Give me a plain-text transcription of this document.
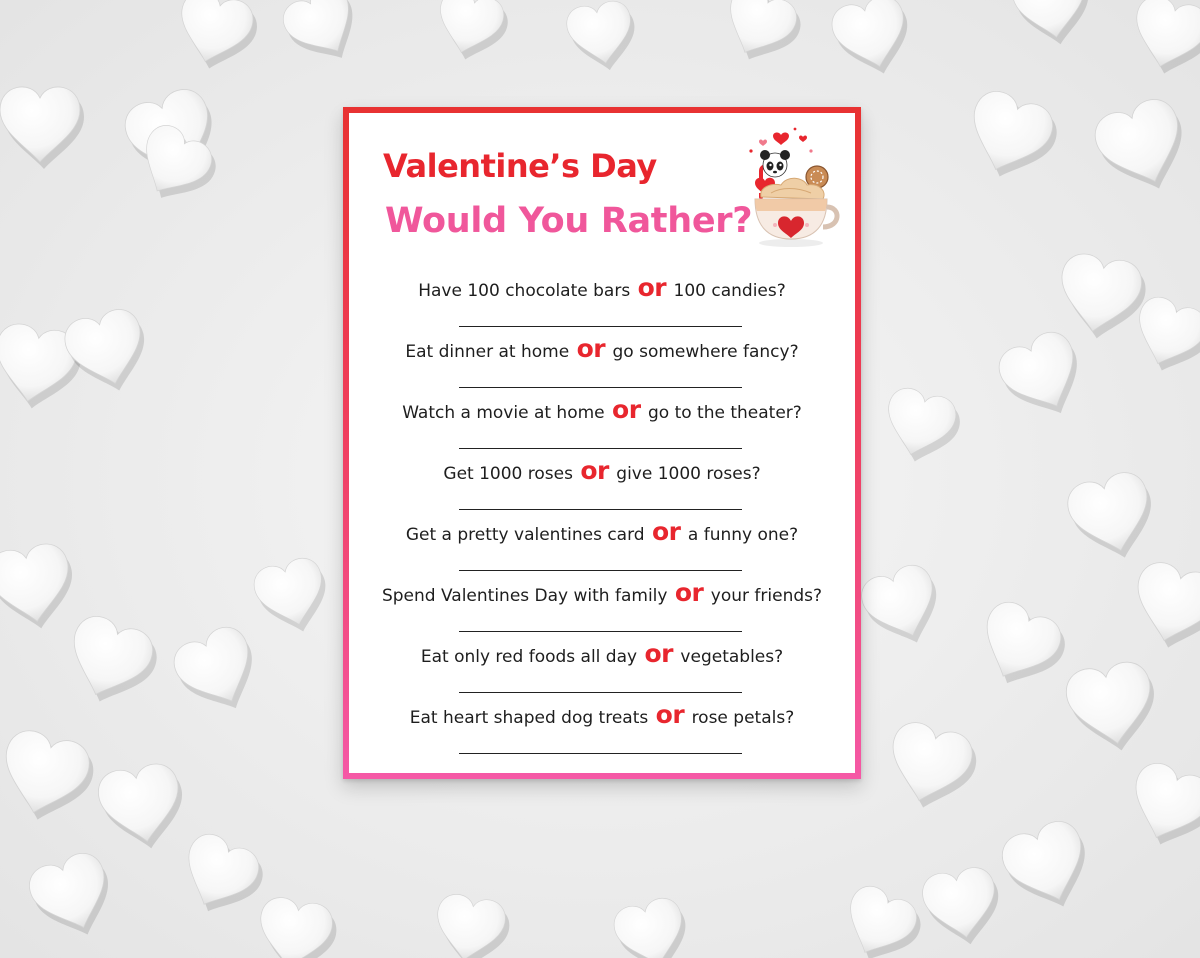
Valentine’s Day
Would You Rather?
Have 100 chocolate bars or 100 candies?
Eat dinner at home or go somewhere fancy?
Watch a movie at home or go to the theater?
Get 1000 roses or give 1000 roses?
Get a pretty valentines card or a funny one?
Spend Valentines Day with family or your friends?
Eat only red foods all day or vegetables?
Eat heart shaped dog treats or rose petals?
